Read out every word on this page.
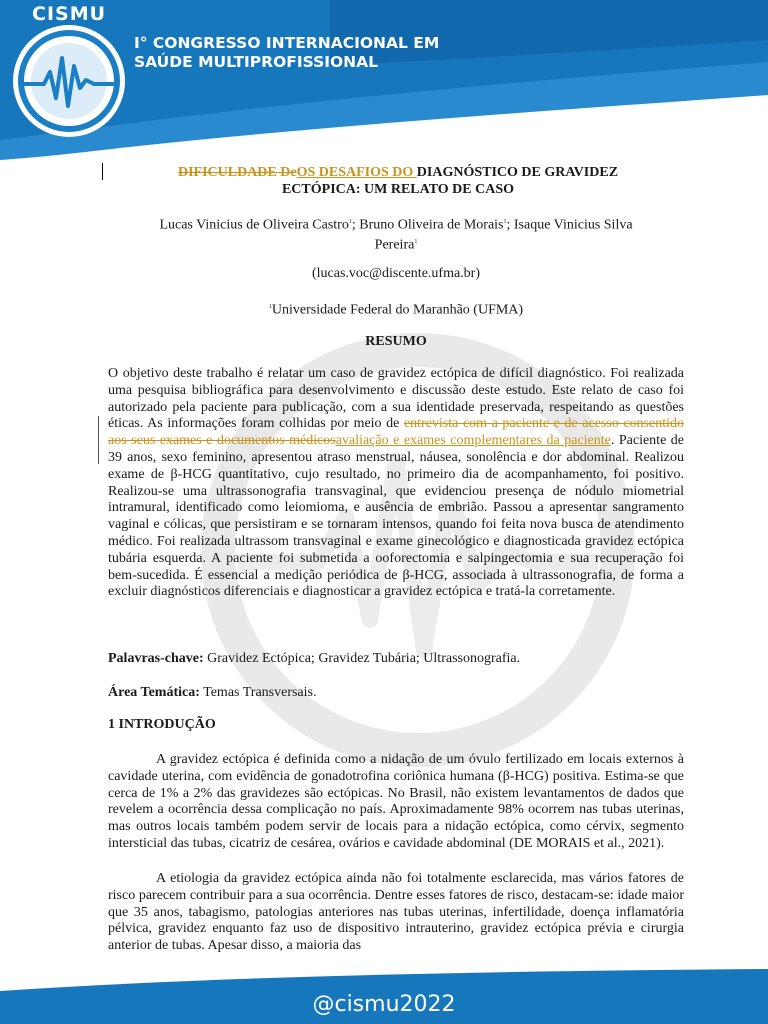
CISMU
I° CONGRESSO INTERNACIONAL EM
SAÚDE MULTIPROFISSIONAL
DIFICULDADE DeOS DESAFIOS DO DIAGNÓSTICO DE GRAVIDEZ
ECTÓPICA: UM RELATO DE CASO
Lucas Vinicius de Oliveira Castro$^1$; Bruno Oliveira de Morais$^1$; Isaque Vinicius Silva
Pereira$^1$
(lucas.voc@discente.ufma.br)
$^1$Universidade Federal do Maranhão (UFMA)
RESUMO
O objetivo deste trabalho é relatar um caso de gravidez ectópica de difícil diagnóstico. Foi realizada uma pesquisa bibliográfica para desenvolvimento e discussão deste estudo. Este relato de caso foi autorizado pela paciente para publicação, com a sua identidade preservada, respeitando as questões éticas. As informações foram colhidas por meio de entrevista com a paciente e de acesso consentido aos seus exames e documentos médicosavaliação e exames complementares da paciente. Paciente de 39 anos, sexo feminino, apresentou atraso menstrual, náusea, sonolência e dor abdominal. Realizou exame de β-HCG quantitativo, cujo resultado, no primeiro dia de acompanhamento, foi positivo. Realizou-se uma ultrassonografia transvaginal, que evidenciou presença de nódulo miometrial intramural, identificado como leiomioma, e ausência de embrião. Passou a apresentar sangramento vaginal e cólicas, que persistiram e se tornaram intensos, quando foi feita nova busca de atendimento médico. Foi realizada ultrassom transvaginal e exame ginecológico e diagnosticada gravidez ectópica tubária esquerda. A paciente foi submetida a ooforectomia e salpingectomia e sua recuperação foi bem-sucedida. É essencial a medição periódica de β-HCG, associada à ultrassonografia, de forma a excluir diagnósticos diferenciais e diagnosticar a gravidez ectópica e tratá-la corretamente.
Palavras-chave: Gravidez Ectópica; Gravidez Tubária; Ultrassonografia.
Área Temática: Temas Transversais.
1 INTRODUÇÃO
A gravidez ectópica é definida como a nidação de um óvulo fertilizado em locais externos à cavidade uterina, com evidência de gonadotrofina coriônica humana (β-HCG) positiva. Estima-se que cerca de 1% a 2% das gravidezes são ectópicas. No Brasil, não existem levantamentos de dados que revelem a ocorrência dessa complicação no país. Aproximadamente 98% ocorrem nas tubas uterinas, mas outros locais também podem servir de locais para a nidação ectópica, como cérvix, segmento intersticial das tubas, cicatriz de cesárea, ovários e cavidade abdominal (DE MORAIS et al., 2021).
A etiologia da gravidez ectópica ainda não foi totalmente esclarecida, mas vários fatores de risco parecem contribuir para a sua ocorrência. Dentre esses fatores de risco, destacam-se: idade maior que 35 anos, tabagismo, patologias anteriores nas tubas uterinas, infertilidade, doença inflamatória pélvica, gravidez enquanto faz uso de dispositivo intrauterino, gravidez ectópica prévia e cirurgia anterior de tubas. Apesar disso, a maioria das
@cismu2022
